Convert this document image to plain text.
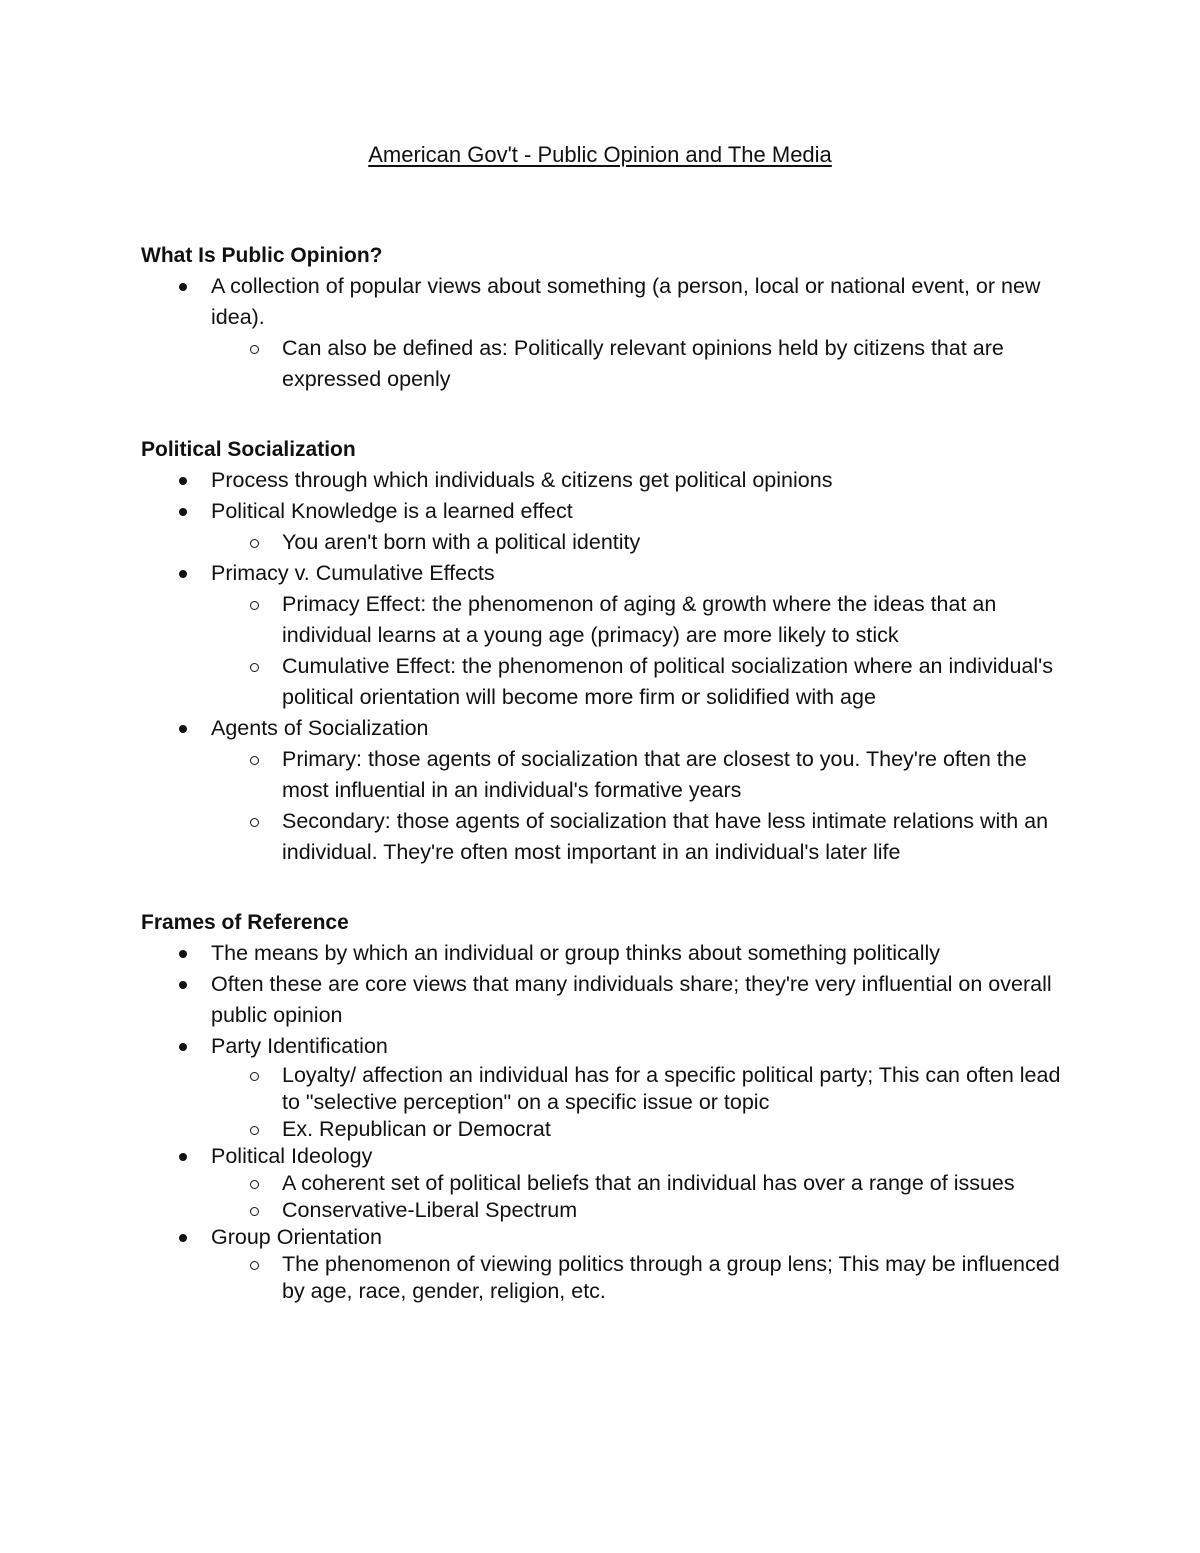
American Gov't - Public Opinion and The Media
What Is Public Opinion?
A collection of popular views about something (a person, local or national event, or new idea).
Can also be defined as: Politically relevant opinions held by citizens that are expressed openly
Political Socialization
Process through which individuals & citizens get political opinions
Political Knowledge is a learned effect
You aren't born with a political identity
Primacy v. Cumulative Effects
Primacy Effect: the phenomenon of aging & growth where the ideas that an individual learns at a young age (primacy) are more likely to stick
Cumulative Effect: the phenomenon of political socialization where an individual's political orientation will become more firm or solidified with age
Agents of Socialization
Primary: those agents of socialization that are closest to you. They're often the most influential in an individual's formative years
Secondary: those agents of socialization that have less intimate relations with an individual. They're often most important in an individual's later life
Frames of Reference
The means by which an individual or group thinks about something politically
Often these are core views that many individuals share; they're very influential on overall public opinion
Party Identification
Loyalty/ affection an individual has for a specific political party; This can often lead to "selective perception" on a specific issue or topic
Ex. Republican or Democrat
Political Ideology
A coherent set of political beliefs that an individual has over a range of issues
Conservative-Liberal Spectrum
Group Orientation
The phenomenon of viewing politics through a group lens; This may be influenced by age, race, gender, religion, etc.
